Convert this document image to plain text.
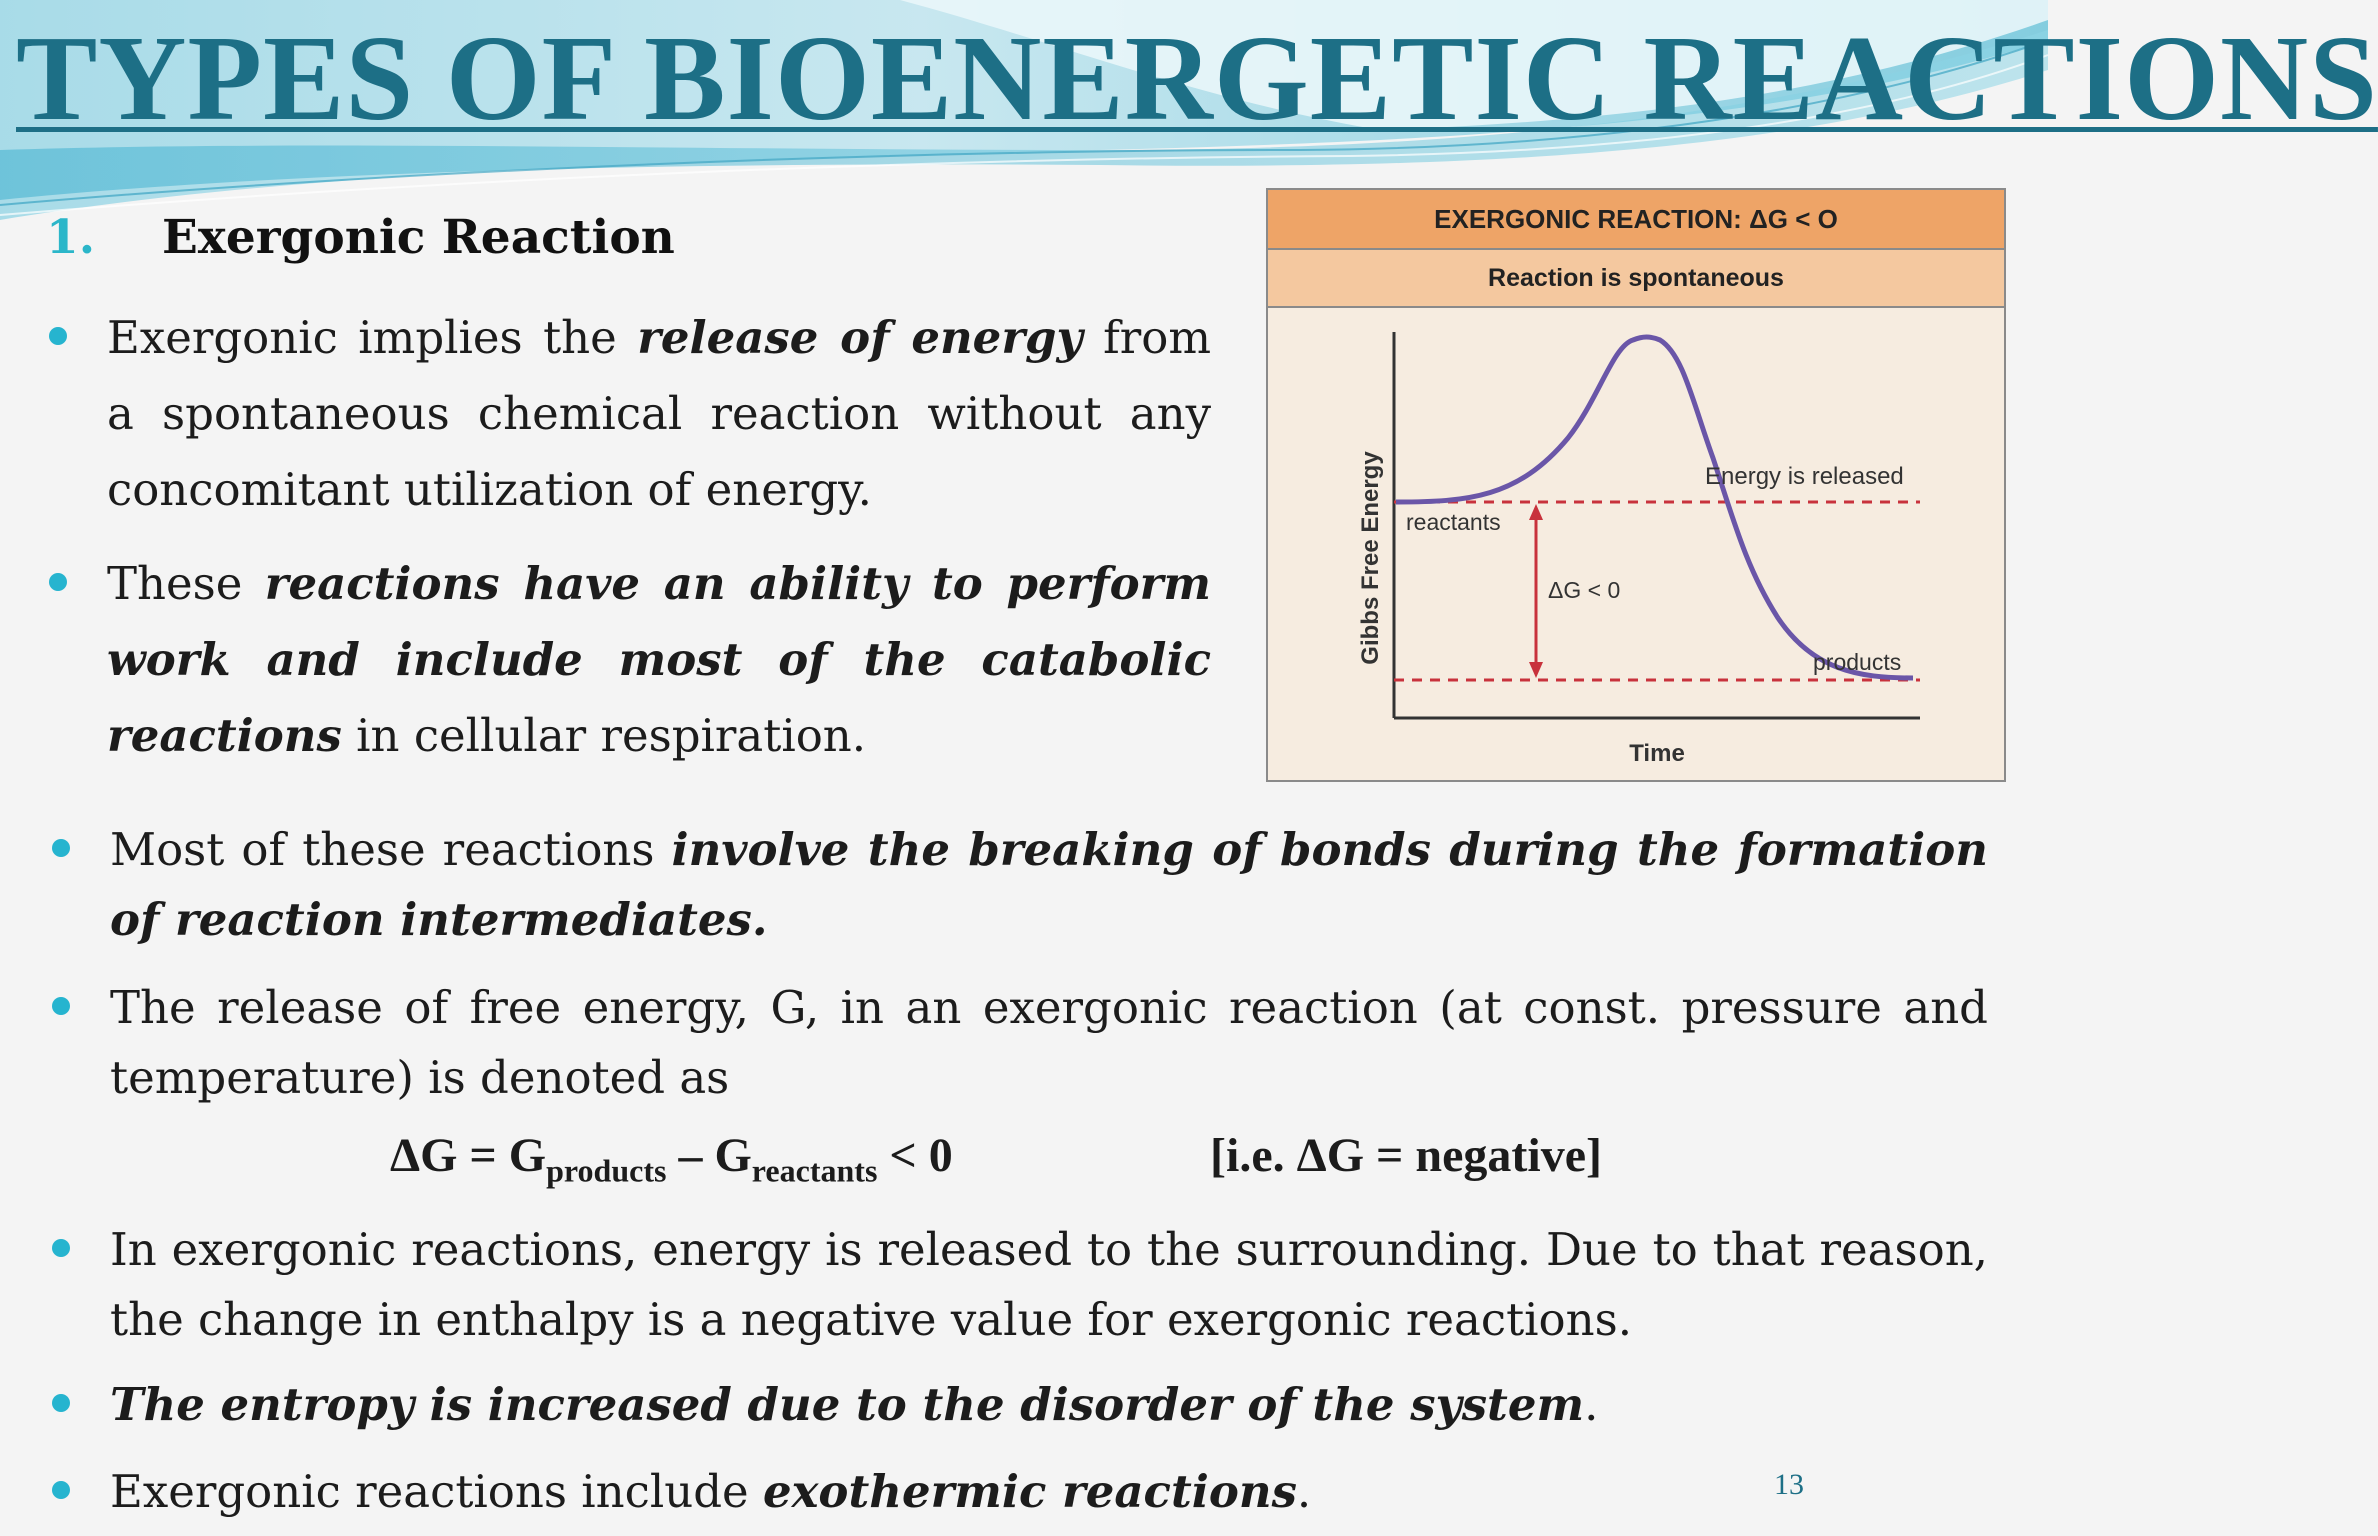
TYPES OF BIOENERGETIC REACTIONS
1. Exergonic Reaction
Exergonic implies the release of energy from a spontaneous chemical reaction without any concomitant utilization of energy.
These reactions have an ability to perform work and include most of the catabolic reactions in cellular respiration.
EXERGONIC REACTION: ΔG < O
Reaction is spontaneous
Gibbs Free Energy
Time
reactants
products
Energy is released
ΔG < 0
Most of these reactions involve the breaking of bonds during the formation of reaction intermediates.
The release of free energy, G, in an exergonic reaction (at const. pressure and temperature) is denoted as
$\Delta G = G_{products} - G_{reactants} < 0$	[i.e. ΔG = negative]
In exergonic reactions, energy is released to the surrounding. Due to that reason, the change in enthalpy is a negative value for exergonic reactions.
The entropy is increased due to the disorder of the system.
Exergonic reactions include exothermic reactions.	13
